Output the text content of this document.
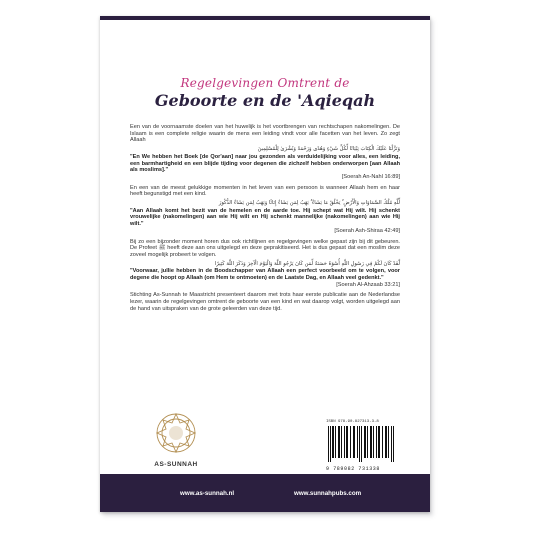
Regelgevingen Omtrent de
Geboorte en de 'Aqieqah

Een van de voornaamste doelen van het huwelijk is het voortbrengen van rechtschapen nakomelingen. De Islaam is een complete religie waarin de mens een leiding vindt voor alle facetten van het leven. Zo zegt Allaah

وَنَزَّلْنَا عَلَيْكَ الْكِتَابَ تِبْيَانًا لِّكُلِّ شَيْءٍ وَهُدًى وَرَحْمَةً وَبُشْرَىٰ لِلْمُسْلِمِينَ

"En We hebben het Boek [de Qor'aan] naar jou gezonden als verduidelijking voor alles, een leiding, een barmhartigheid en een blijde tijding voor degenen die zichzelf hebben onderworpen [aan Allaah als moslims]."

[Soerah An-Nahl 16:89]

En een van de meest gelukkige momenten in het leven van een persoon is wanneer Allaah hem en haar heeft begunstigd met een kind.

لِّلَّهِ مُلْكُ السَّمَاوَاتِ وَالْأَرْضِ ۚ يَخْلُقُ مَا يَشَاءُ ۚ يَهَبُ لِمَن يَشَاءُ إِنَاثًا وَيَهَبُ لِمَن يَشَاءُ الذُّكُورَ

"Aan Allaah komt het bezit van de hemelen en de aarde toe. Hij schept wat Hij wilt. Hij schenkt vrouwelijke (nakomelingen) aan wie Hij wilt en Hij schenkt mannelijke (nakomelingen) aan wie Hij wilt."

[Soerah Ash-Shiraa 42:49]

Bij zo een bijzonder moment horen dus ook richtlijnen en regelgevingen welke gepast zijn bij dit gebeuren. De Profeet ﷺ heeft deze aan ons uitgelegd en deze geprakitiseerd. Het is dus gepast dat een moslim deze zoveel mogelijk probeert te volgen.

لَّقَدْ كَانَ لَكُمْ فِي رَسُولِ اللَّهِ أُسْوَةٌ حَسَنَةٌ لِّمَن كَانَ يَرْجُو اللَّهَ وَالْيَوْمَ الْآخِرَ وَذَكَرَ اللَّهَ كَثِيرًا

"Voorwaar, jullie hebben in de Boodschapper van Allaah een perfect voorbeeld om te volgen, voor degene die hoopt op Allaah (om Hem te ontmoeten) en de Laatste Dag, en Allaah veel gedenkt."

[Soerah Al-Ahzaab 33:21]

Stichting As-Sunnah te Maastricht presenteert daarom met trots haar eerste publicatie aan de Nederlandse lezer, waarin de regelgevingen omtrent de geboorte van een kind en wat daarop volgt, worden uitgelegd aan de hand van uitspraken van de grote geleerden van deze tijd.

AS-SUNNAH
ISBN 978-90-827313-3-8
9 789082 731338
www.as-sunnah.nl	www.sunnahpubs.com
